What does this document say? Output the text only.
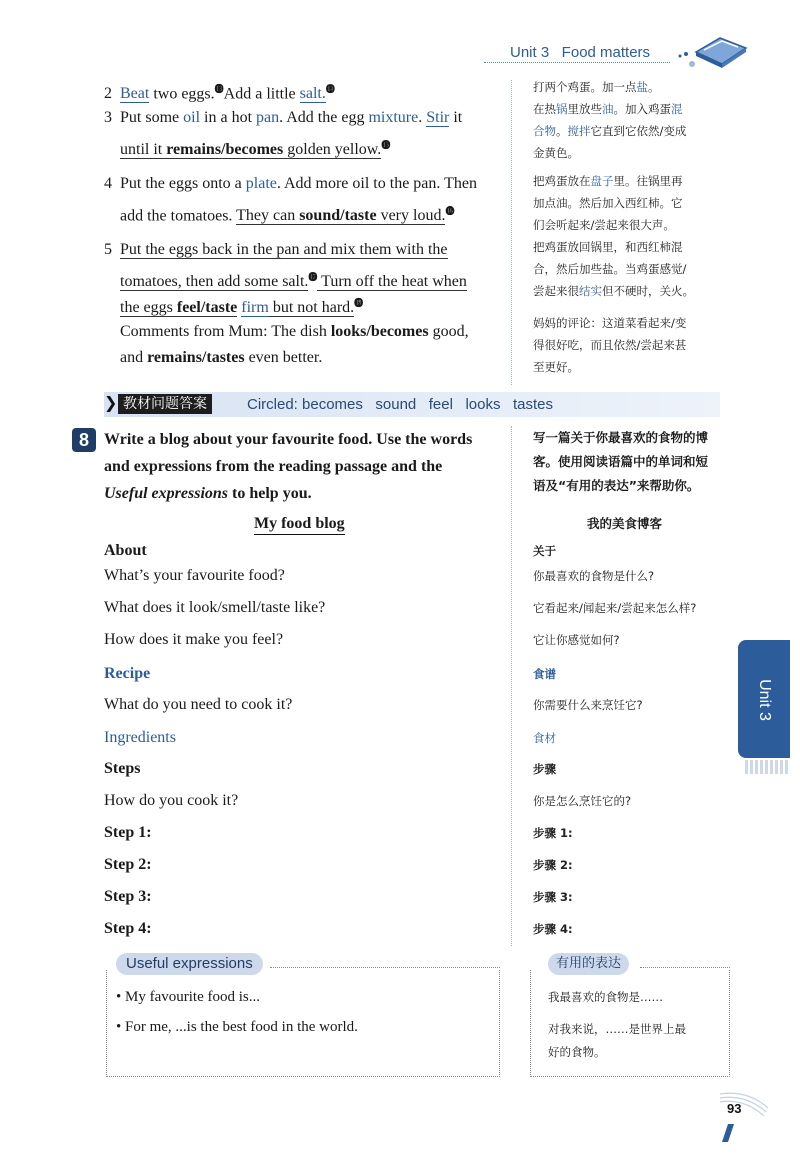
Unit 3   Food matters
2 Beat two eggs.⓭Add a little salt.⓮
3 Put some oil in a hot pan. Add the egg mixture. Stir it
until it remains/becomes golden yellow.⓯
4 Put the eggs onto a plate. Add more oil to the pan. Then
add the tomatoes. They can sound/taste very loud.⓰
5 Put the eggs back in the pan and mix them with the
tomatoes, then add some salt.⓱ Turn off the heat when
the eggs feel/taste firm but not hard.⓲
Comments from Mum: The dish looks/becomes good,
and remains/tastes even better.
打两个鸡蛋。加一点盐。
在热锅里放些油。加入鸡蛋混
合物。搅拌它直到它依然/变成
金黄色。
把鸡蛋放在盘子里。往锅里再
加点油。然后加入西红柿。它
们会听起来/尝起来很大声。
把鸡蛋放回锅里，和西红柿混
合，然后加些盐。当鸡蛋感觉/
尝起来很结实但不硬时，关火。
妈妈的评论：这道菜看起来/变
得很好吃，而且依然/尝起来甚
至更好。
❯ 教材问题答案	Circled: becomes   sound   feel   looks   tastes
8 Write a blog about your favourite food. Use the words
and expressions from the reading passage and the
Useful expressions to help you.
写一篇关于你最喜欢的食物的博
客。使用阅读语篇中的单词和短
语及“有用的表达”来帮助你。
My food blog	我的美食博客
About	关于
What’s your favourite food?	你最喜欢的食物是什么?
What does it look/smell/taste like?	它看起来/闻起来/尝起来怎么样?
How does it make you feel?	它让你感觉如何?
Recipe	食谱
What do you need to cook it?	你需要什么来烹饪它?
Ingredients	食材
Steps	步骤
How do you cook it?	你是怎么烹饪它的?
Step 1:	步骤 1:
Step 2:	步骤 2:
Step 3:	步骤 3:
Step 4:	步骤 4:
Unit 3
Useful expressions
• My favourite food is...
• For me, ...is the best food in the world.
有用的表达
我最喜欢的食物是……
对我来说，……是世界上最
好的食物。
93
